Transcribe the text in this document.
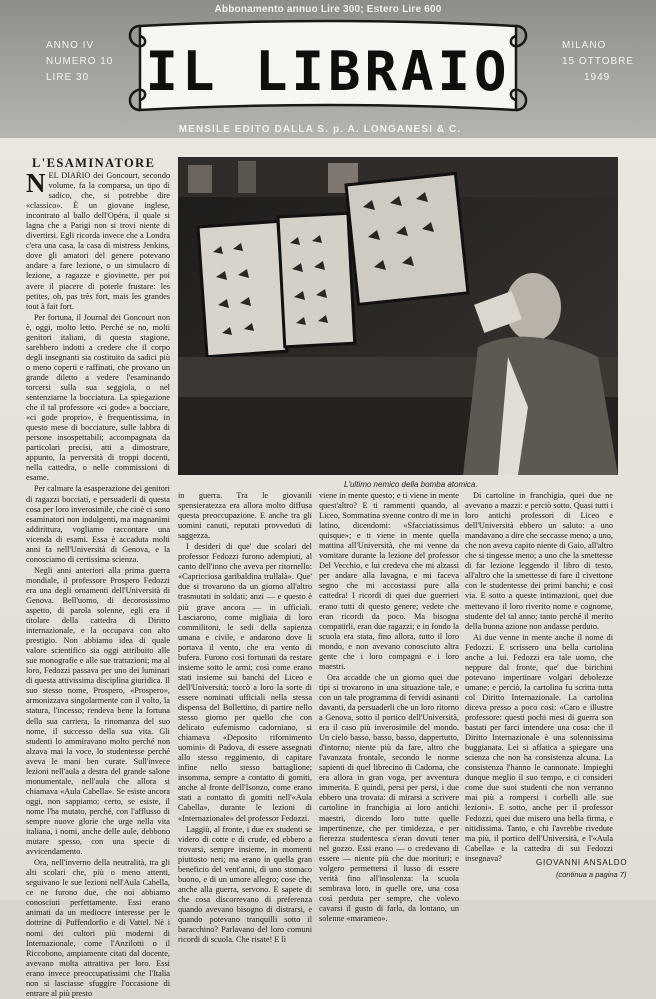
Abbonamento annuo Lire 300; Estero Lire 600
ANNO IV
NUMERO 10
LIRE 30	IL LIBRAIO	MILANO
15 OTTOBRE
1949
MENSILE EDITO DALLA S. p. A. LONGANESI & C.
L'ESAMINATORE

NEL DIARIO dei Goncourt, secondo volume, fa la comparsa, un tipo di sadico, che, si potrebbe dire «classico». È un giovane inglese, incontrato al ballo dell'Opéra, il quale si lagna che a Parigi non si trovi niente di divertirsi. Egli ricorda invece che a Londra c'era una casa, la casa di mistress Jenkins, dove gli amatori del genere potevano andare a fare lezione, o un simulacro di lezione, a ragazze e giovinette, per poi avere il piacere di poterle frustare: les petites, oh, pas très fort, mais les grandes tout à fait fort.

Per fortuna, il Journal dei Goncourt non è, oggi, molto letto. Perché se no, molti genitori italiani, di questa stagione, sarebbero indotti a credere che il corpo degli insegnanti sia costituito da sadici più o meno coperti e raffinati, che provano un grande diletto a vedere l'esaminando torcersi sulla sua seggiola, o nel sentenziarne la bocciatura. La spiegazione che il tal professore «ci gode» a bocciare, «ci gode proprio», è frequentissima, in questo mese di bocciature, sulle labbra di persone insospettabili; accompagnata da particolari precisi, atti a dimostrare, appunto, la perversità di troppi docenti, nella cattedra, o nelle commissioni di esame.

Per calmare la esasperazione dei genitori di ragazzi bocciati, e persuaderli di questa cosa per loro inverosimile, che cioè ci sono esaminatori non indulgenti, ma magnanimi addirittura, vogliamo raccontare una vicenda di esami. Essa è accaduta molti anni fa nell'Università di Genova, e la conosciamo di certissima scienza.

Negli anni anteriori alla prima guerra mondiale, il professore Prospero Fedozzi era una degli ornamenti dell'Università di Genova. Bell'uomo, di decorosissimo aspetto, di parola solenne, egli era il titolare della cattedra di Diritto internazionale, e la occupava con alto prestigio. Non abbiamo idea di quale valore scientifico sia oggi attribuito alle sue monografie e alle sue trattazioni; ma al loro, Fedozzi passava per uno dei luminari di questa attivissima disciplina giuridica. Il suo stesso nome, Prospero, «Prospero», armonizzava singolarmente con il volto, la statura, l'incesso; rendeva bene la fortuna della sua carriera, la rinomanza del suo nome, il successo della sua vita. Gli studenti lo ammiravano molto perché non alzava mai la voce, lo studentesse perché aveva le mani ben curate. Sull'invece lezioni nell'aula a destra del grande salone monumentale, nell'aula che allora si chiamava «Aula Cabella». Se esiste ancora oggi, non sappiamo; certo, se esiste, il nome l'ha mutato, perché, con l'afflusso di sempre nuove glorie che urge nella vita italiana, i nomi, anche delle aule, debbono mutare spesso, con una specie di avvicendamento.

Ora, nell'inverno della neutralità, tra gli alti scolari che, più o meno attenti, seguivano le sue lezioni nell'Aula Cabella, ce ne furono due, che noi abbiamo conosciuti perfettamente. Essi erano animati da un mediocre interesse per le dottrine di Puffendorfio e di Vattel. Nè i nomi dei cultori più moderni di Internazionale, come l'Anzilotti o il Riccobono, ampiamente citati dal docente, avevano molta attrattiva per loro. Essi erano invece preoccupatissimi che l'Italia non si lasciasse sfuggire l'occasione di entrare al più presto

L'ultimo nemico della bomba atomica.

in guerra. Tra le giovanili spensieratezza era allora molto diffusa questa preoccupazione. E anche tra gli uomini canuti, reputati provveduti di saggezza.

I desideri di que' due scolari del professor Fedozzi furono adempiuti, al canto dell'inno che aveva per ritornello: «Capricciosa garibaldina trullalà». Que' due si trovarono da un giorno all'altro trasmutati in soldati; anzi — e questo è più grave ancora — in ufficiali. Lasciarono, come migliaia di loro commilitoni, le sedi della sapienza umana e civile, e andarono dove li portava il vento, che era vento di bufera. Furono così fortunati da restare insieme sotto le armi; così come erano stati insieme sui banchi del Liceo e dell'Università: toccò a loro la sorte di essere nominati ufficiali nella stessa dispensa del Bollettino, di partire nello stesso giorno per quello che con delicato eufemismo cadorniano, si chiamava «Deposito rifornimento uomini» di Padova, di essere assegnati allo stesso reggimento, di capitare infine nello stesso battaglione; insomma, sempre a contatto di gomiti, anche al fronte dell'Isonzo, come erano stati a contatto di gomiti nell'«Aula Cabella», durante le lezioni di «Internazionale» del professor Fedozzi.

Laggiù, al fronte, i due ex studenti se videro di cotte e di crude, ed ebbero a trovarsi, sempre insieme, in momenti piuttosto neri; ma erano in quella gran beneficio del vent'anni, di uno stomaco buono, e di un umore allegro; cose che, anche alla guerra, servono. E sapete di che cosa discorrevano di preferenza quando avevano bisogno di distrarsi, e quando potevano tranquilli sotto il baracchino? Parlavano del loro comuni ricordi di scuola. Che risate! E lì

viene in mente questo; e ti viene in mente quest'altro? E ti rammenti quando, al Liceo, Sommatina svenne contro di me in latino, dicendomi: «Sfacciatissimus quisque»; e ti viene in mente quella mattina all'Università, che mi venne da vomitare durante la lezione del professor Del Vecchio, e lui credeva che mi alzassi per andare alla lavagna, e mi faceva segno che mi accostassi pure alla cattedra! I ricordi di quei due guerrieri erano tutti di questo genere; vedete che eran ricordi da poco. Ma bisogna compatirli, eran due ragazzi; e in fondo la scuola era stata, fino allora, tutto il loro mondo, e non avevano conosciuto altra gente che i loro compagni e i loro maestri.

Ora accadde che un giorno quei due tipi si trovarono in una situazione tale, e con un tale programma di fervidi asinanti davanti, da persuaderli che un loro ritorno a Genova, sotto il portico dell'Università, era il caso più inverosimile del mondo. Un cielo basso, basso, basso, dappertutto, d'intorno; niente più da fare, altro che l'avanzata frontale, secondo le norme sapienti di quel librecino di Cadorna, che era allora in gran voga, per avventura immerita. E quindi, persi per persi, i due ebbero una trovata: di mirarsi a scrivere cartoline in franchigia ai loro antichi maestri, dicendo loro tutte quelle impertinenze, che per timidezza, e per fierezza studentesca s'eran dovuti tener nel gozzo. Essi erano — o credevano di essere — niente più che due morituri; e volgero permettersi il lusso di essere verità fino all'insolenza: la scuola sembrava loro, in quelle ore, una cosa così perduta per sempre, che volevo cavarsi il gusto di farla, da lontano, un solenne «marameo».

Di cartoline in franchigia, quei due ne avevano a mazzi: e perciò sotto. Quasi tutti i loro antichi professori di Liceo e dell'Università ebbero un saluto: a uno mandavano a dire che seccasse meno; a uno, che non aveva capito niente di Gaio, all'altro che si tingesse meno; a uno che la smettesse di far lezione leggendo il libro di testo, all'altro che la smettesse di fare il civettone con le studentesse dei primi banchi; e così via. E sotto a queste intimazioni, quei due mettevano il loro riverito nome e cognome, studente del tal anno; tanto perché il merito della buona azione non andasse perduto.

Ai due venne in mente anche il nome di Fedozzi. E scrissero una bella cartolina anche a lui. Fedozzi era tale uomo, che neppure dal fronte, que' due birichini potevano impertinare volgari debolezze umane; e perciò, la cartolina fu scritta tutta col Diritto Internazionale. La cartolina diceva presso a poco così: «Caro e illustre professore: questi pochi mesi di guerra son bastati per farci intendere una cosa: che il Diritto Internazionale è una solennissima buggianata. Lei si affatica a spiegare una scienza che non ha consistenza alcuna. La consistenza l'hanno le cannonate. Impieghi dunque meglio il suo tempo, e ci consideri come due suoi studenti che non verranno mai più a rompersi i corbelli alle sue lezioni». E sotto, anche per il professor Fedozzi, quei due misero una bella firma, e nitidissima. Tanto, e chi l'avrebbe rivedute ma più, il portico dell'Università, e l'«Aula Cabella» e la cattedra di sui Fedozzi insegnava?	GIOVANNI ANSALDO
(continua a pagina 7)
